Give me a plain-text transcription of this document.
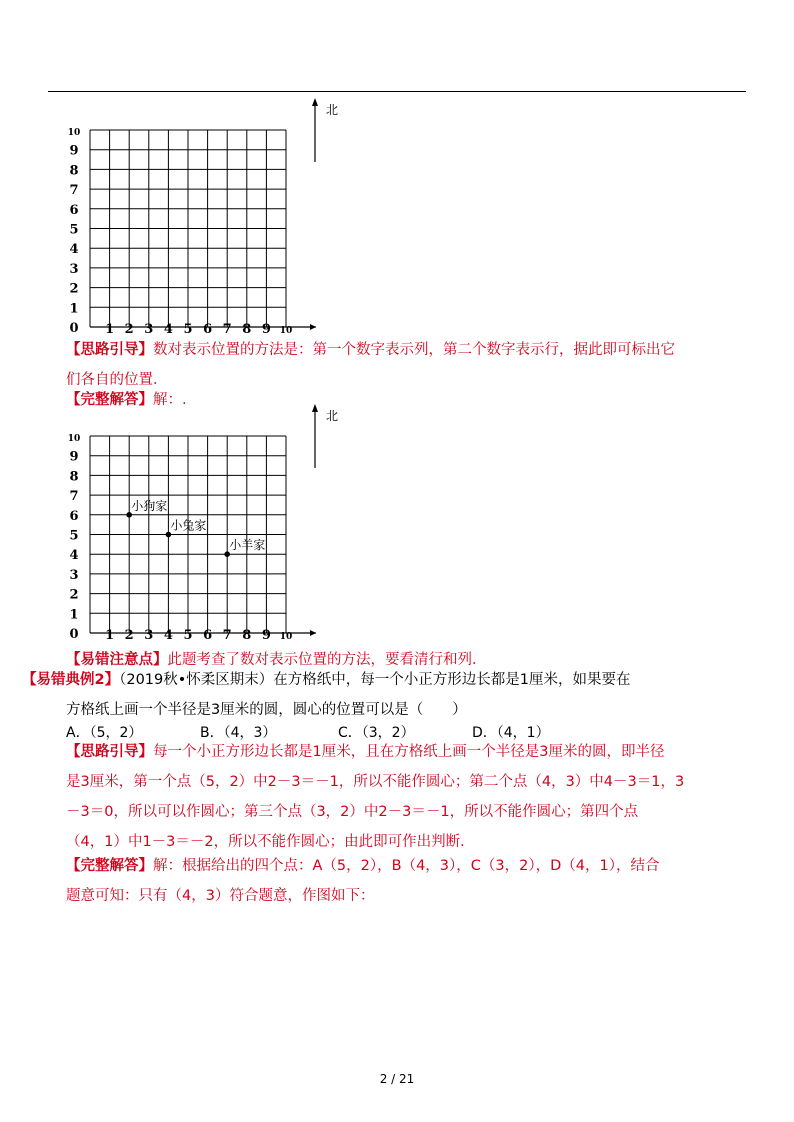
0
1
2
3
4
5
6
7
8
9
10
1 2 3 4 5 6 7 8 9 10
北
【思路引导】数对表示位置的方法是：第一个数字表示列，第二个数字表示行，据此即可标出它
们各自的位置．
【完整解答】解：.
0
1
2
3
4
5
6
7
8
9
10
1 2 3 4 5 6 7 8 9 10
北
小狗家
小兔家
小羊家
【易错注意点】此题考查了数对表示位置的方法，要看清行和列．
【易错典例2】（2019秋•怀柔区期末）在方格纸中，每一个小正方形边长都是1厘米，如果要在
方格纸上画一个半径是3厘米的圆，圆心的位置可以是（　　）
A．（5，2）	B．（4，3）	C．（3，2）	D．（4，1）
【思路引导】每一个小正方形边长都是1厘米，且在方格纸上画一个半径是3厘米的圆，即半径
是3厘米，第一个点（5，2）中2－3＝－1，所以不能作圆心；第二个点（4，3）中4－3＝1，3
－3＝0，所以可以作圆心；第三个点（3，2）中2－3＝－1，所以不能作圆心；第四个点
（4，1）中1－3＝－2，所以不能作圆心；由此即可作出判断．
【完整解答】解：根据给出的四个点：A（5，2），B（4，3），C（3，2），D（4，1），结合
题意可知：只有（4，3）符合题意，作图如下：
2 / 21
